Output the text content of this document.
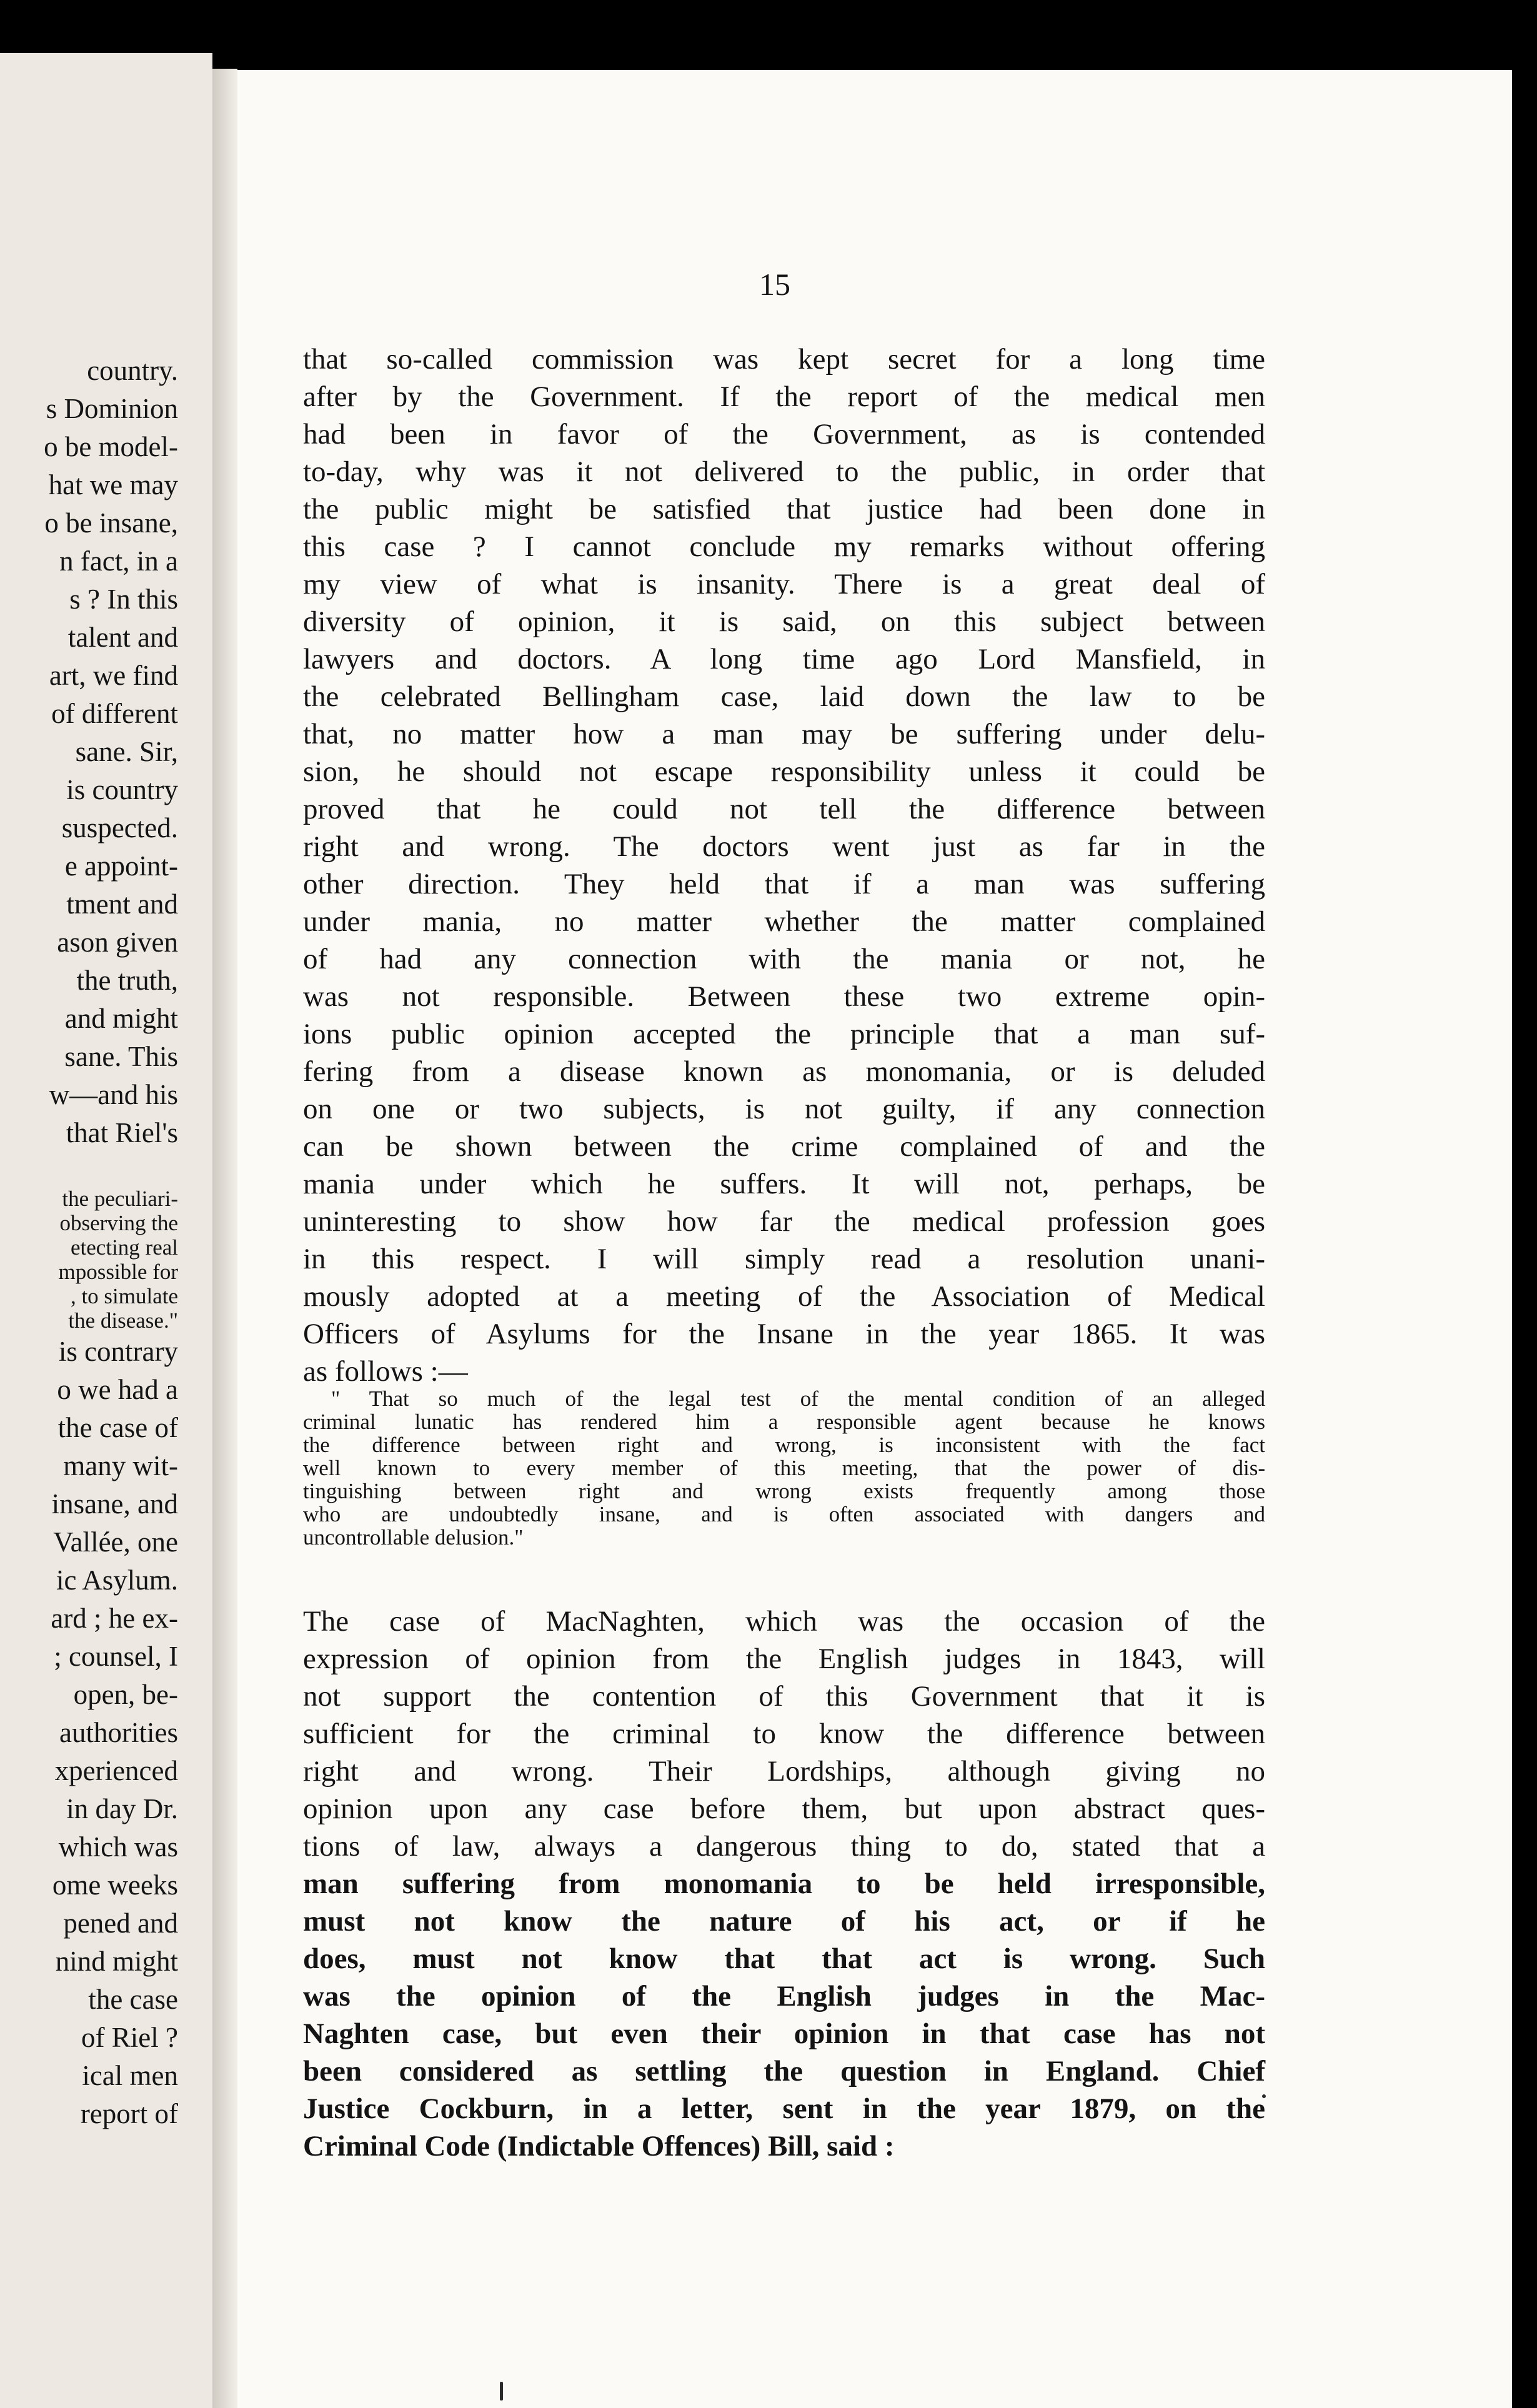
country.
s Dominion
o be model-
hat we may
o be insane,
n fact, in a
s ? In this
talent and
art, we find
of different
sane. Sir,
is country
suspected.
e appoint-
tment and
ason given
the truth,
and might
sane. This
w—and his
that Riel's
the peculiari-
observing the
etecting real
mpossible for
, to simulate
the disease."
is contrary
o we had a
the case of
many wit-
insane, and
Vallée, one
ic Asylum.
ard ; he ex-
; counsel, I
open, be-
authorities
xperienced
in day Dr.
which was
ome weeks
pened and
nind might
the case
of Riel ?
ical men
report of
15
that so-called commission was kept secret for a long time
after by the Government. If the report of the medical men
had been in favor of the Government, as is contended
to-day, why was it not delivered to the public, in order that
the public might be satisfied that justice had been done in
this case ? I cannot conclude my remarks without offering
my view of what is insanity. There is a great deal of
diversity of opinion, it is said, on this subject between
lawyers and doctors. A long time ago Lord Mansfield, in
the celebrated Bellingham case, laid down the law to be
that, no matter how a man may be suffering under delu-
sion, he should not escape responsibility unless it could be
proved that he could not tell the difference between
right and wrong. The doctors went just as far in the
other direction. They held that if a man was suffering
under mania, no matter whether the matter complained
of had any connection with the mania or not, he
was not responsible. Between these two extreme opin-
ions public opinion accepted the principle that a man suf-
fering from a disease known as monomania, or is deluded
on one or two subjects, is not guilty, if any connection
can be shown between the crime complained of and the
mania under which he suffers. It will not, perhaps, be
uninteresting to show how far the medical profession goes
in this respect. I will simply read a resolution unani-
mously adopted at a meeting of the Association of Medical
Officers of Asylums for the Insane in the year 1865. It was
as follows :—
" That so much of the legal test of the mental condition of an alleged
criminal lunatic has rendered him a responsible agent because he knows
the difference between right and wrong, is inconsistent with the fact
well known to every member of this meeting, that the power of dis-
tinguishing between right and wrong exists frequently among those
who are undoubtedly insane, and is often associated with dangers and
uncontrollable delusion."
The case of MacNaghten, which was the occasion of the
expression of opinion from the English judges in 1843, will
not support the contention of this Government that it is
sufficient for the criminal to know the difference between
right and wrong. Their Lordships, although giving no
opinion upon any case before them, but upon abstract ques-
tions of law, always a dangerous thing to do, stated that a
man suffering from monomania to be held irresponsible,
must not know the nature of his act, or if he
does, must not know that that act is wrong. Such
was the opinion of the English judges in the Mac-
Naghten case, but even their opinion in that case has not
been considered as settling the question in England. Chief
Justice Cockburn, in a letter, sent in the year 1879, on the
Criminal Code (Indictable Offences) Bill, said :
